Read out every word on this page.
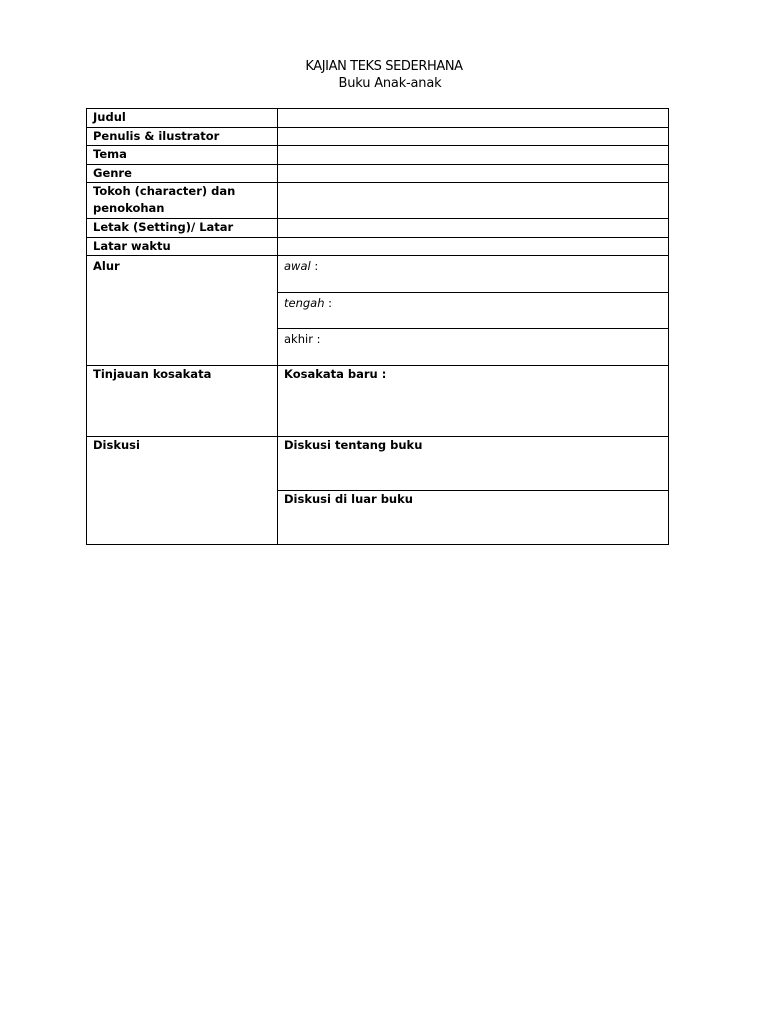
KAJIAN TEKS SEDERHANA
Buku Anak-anak
Judul	
Penulis & ilustrator	
Tema	
Genre	
Tokoh (character) dan
penokohan	
Letak (Setting)/ Latar	
Latar waktu	
Alur	awal :
	tengah :
	akhir :
Tinjauan kosakata	Kosakata baru :
Diskusi	Diskusi tentang buku
	Diskusi di luar buku
